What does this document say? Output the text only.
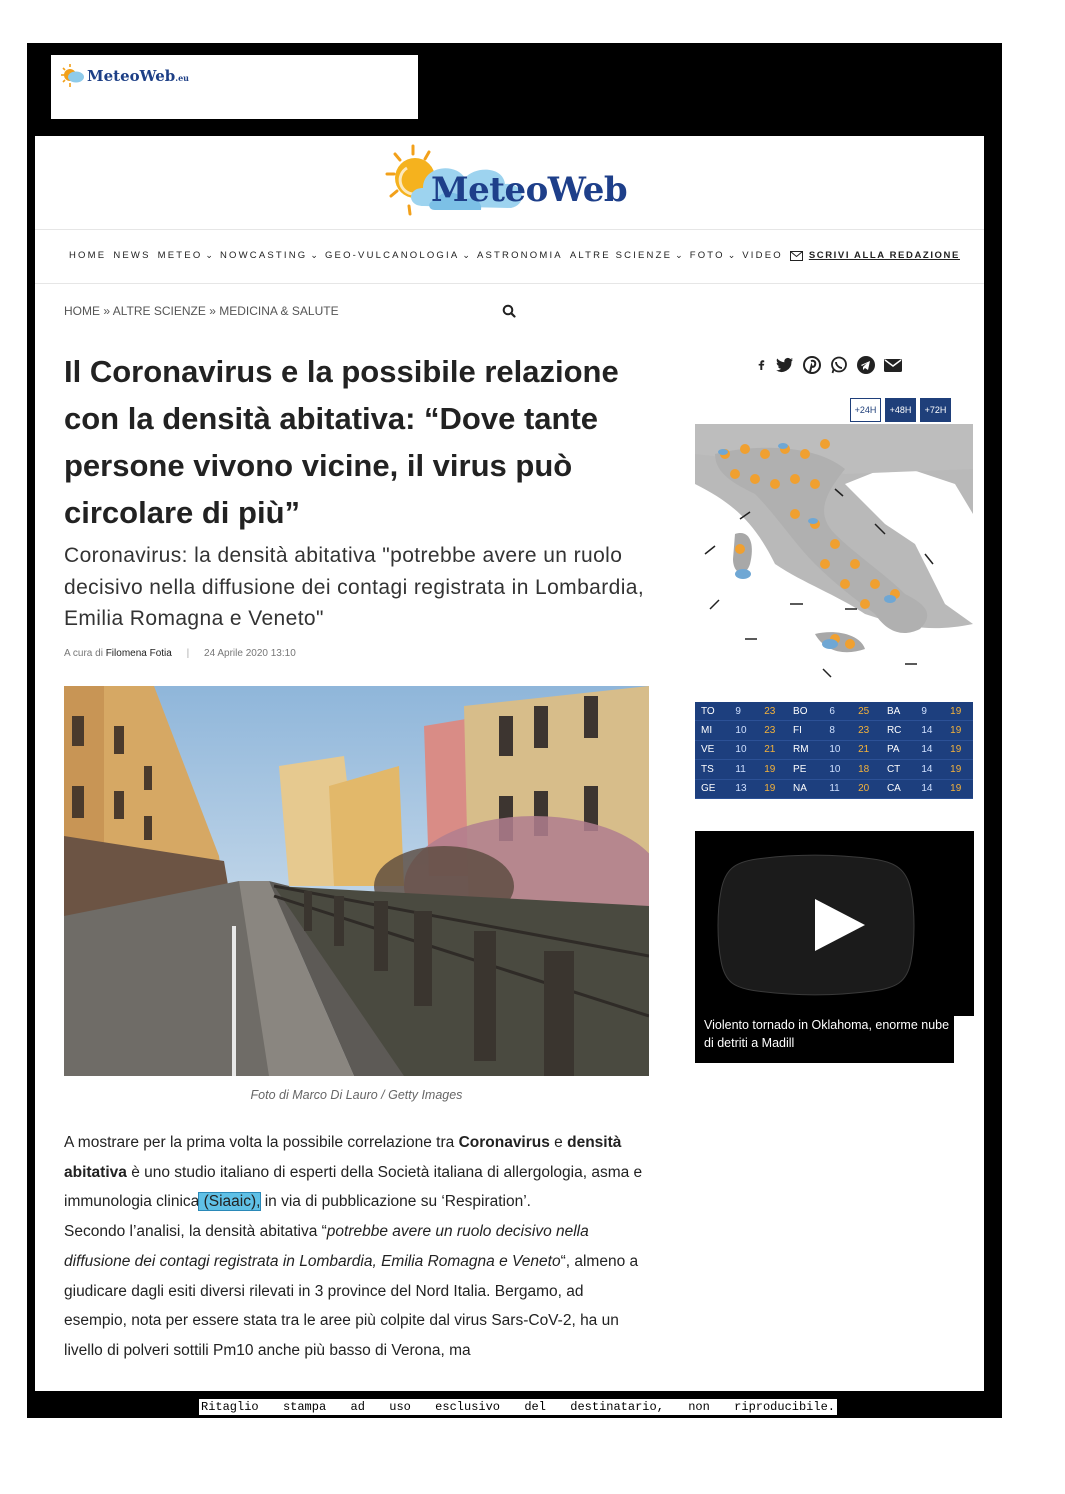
MeteoWeb.eu
MeteoWeb
HOME NEWS METEO ⌄ NOWCASTING ⌄ GEO-VULCANOLOGIA ⌄ ASTRONOMIA ALTRE SCIENZE ⌄ FOTO ⌄ VIDEO	SCRIVI ALLA REDAZIONE
HOME » ALTRE SCIENZE » MEDICINA & SALUTE
Il Coronavirus e la possibile relazione con la densità abitativa: “Dove tante persone vivono vicine, il virus può circolare di più”
Coronavirus: la densità abitativa "potrebbe avere un ruolo decisivo nella diffusione dei contagi registrata in Lombardia, Emilia Romagna e Veneto"
A cura di Filomena Fotia | 24 Aprile 2020 13:10
Foto di Marco Di Lauro / Getty Images

A mostrare per la prima volta la possibile correlazione tra Coronavirus e densità abitativa è uno studio italiano di esperti della Società italiana di allergologia, asma e immunologia clinica (Siaaic), in via di pubblicazione su ‘Respiration’.

Secondo l’analisi, la densità abitativa “potrebbe avere un ruolo decisivo nella diffusione dei contagi registrata in Lombardia, Emilia Romagna e Veneto“, almeno a giudicare dagli esiti diversi rilevati in 3 province del Nord Italia. Bergamo, ad esempio, nota per essere stata tra le aree più colpite dal virus Sars-CoV-2, ha un livello di polveri sottili Pm10 anche più basso di Verona, ma

+24H	+48H	+72H
TO	9	23	BO	6	25	BA	9	19
MI	10	23	FI	8	23	RC	14	19
VE	10	21	RM	10	21	PA	14	19
TS	11	19	PE	10	18	CT	14	19
GE	13	19	NA	11	20	CA	14	19
Violento tornado in Oklahoma, enorme nube di detriti a Madill
Ritaglio stampa ad uso esclusivo del destinatario, non riproducibile.
